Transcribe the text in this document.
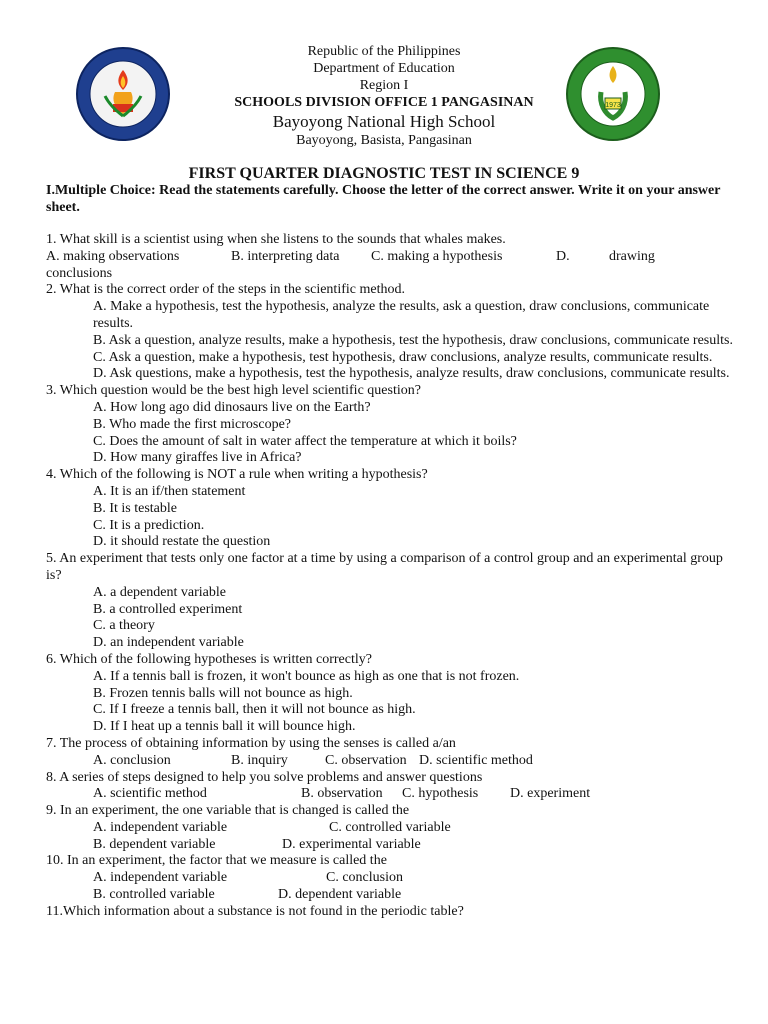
1973
Republic of the Philippines
Department of Education
Region I
SCHOOLS DIVISION OFFICE 1 PANGASINAN
Bayoyong National High School
Bayoyong, Basista, Pangasinan
FIRST QUARTER DIAGNOSTIC TEST IN SCIENCE 9
I.Multiple Choice: Read the statements carefully. Choose the letter of the correct answer. Write it on your answer sheet.
1. What skill is a scientist using when she listens to the sounds that whales makes.
A. making observations	B. interpreting data C. making a hypothesis	D.	drawing
conclusions
2. What is the correct order of the steps in the scientific method.
A. Make a hypothesis, test the hypothesis, analyze the results, ask a question, draw conclusions, communicate results.
B. Ask a question, analyze results, make a hypothesis, test the hypothesis, draw conclusions, communicate results.
C. Ask a question, make a hypothesis, test hypothesis, draw conclusions, analyze results, communicate results.
D. Ask questions, make a hypothesis, test the hypothesis, analyze results, draw conclusions, communicate results.
3. Which question would be the best high level scientific question?
A. How long ago did dinosaurs live on the Earth?
B. Who made the first microscope?
C. Does the amount of salt in water affect the temperature at which it boils?
D. How many giraffes live in Africa?
4. Which of the following is NOT a rule when writing a hypothesis?
A. It is an if/then statement
B. It is testable
C. It is a prediction.
D. it should restate the question
5. An experiment that tests only one factor at a time by using a comparison of a control group and an experimental group is?
A. a dependent variable
B. a controlled experiment
C. a theory
D. an independent variable
6. Which of the following hypotheses is written correctly?
A. If a tennis ball is frozen, it won't bounce as high as one that is not frozen.
B. Frozen tennis balls will not bounce as high.
C. If I freeze a tennis ball, then it will not bounce as high.
D. If I heat up a tennis ball it will bounce high.
7. The process of obtaining information by using the senses is called a/an
A. conclusion	B. inquiry	C. observation D. scientific method
8. A series of steps designed to help you solve problems and answer questions
A. scientific method	B. observation C. hypothesis D. experiment
9. In an experiment, the one variable that is changed is called the
A. independent variable	C. controlled variable
B. dependent variable	D. experimental variable
10. In an experiment, the factor that we measure is called the
A. independent variable	C. conclusion
B. controlled variable	D. dependent variable
11.Which information about a substance is not found in the periodic table?
